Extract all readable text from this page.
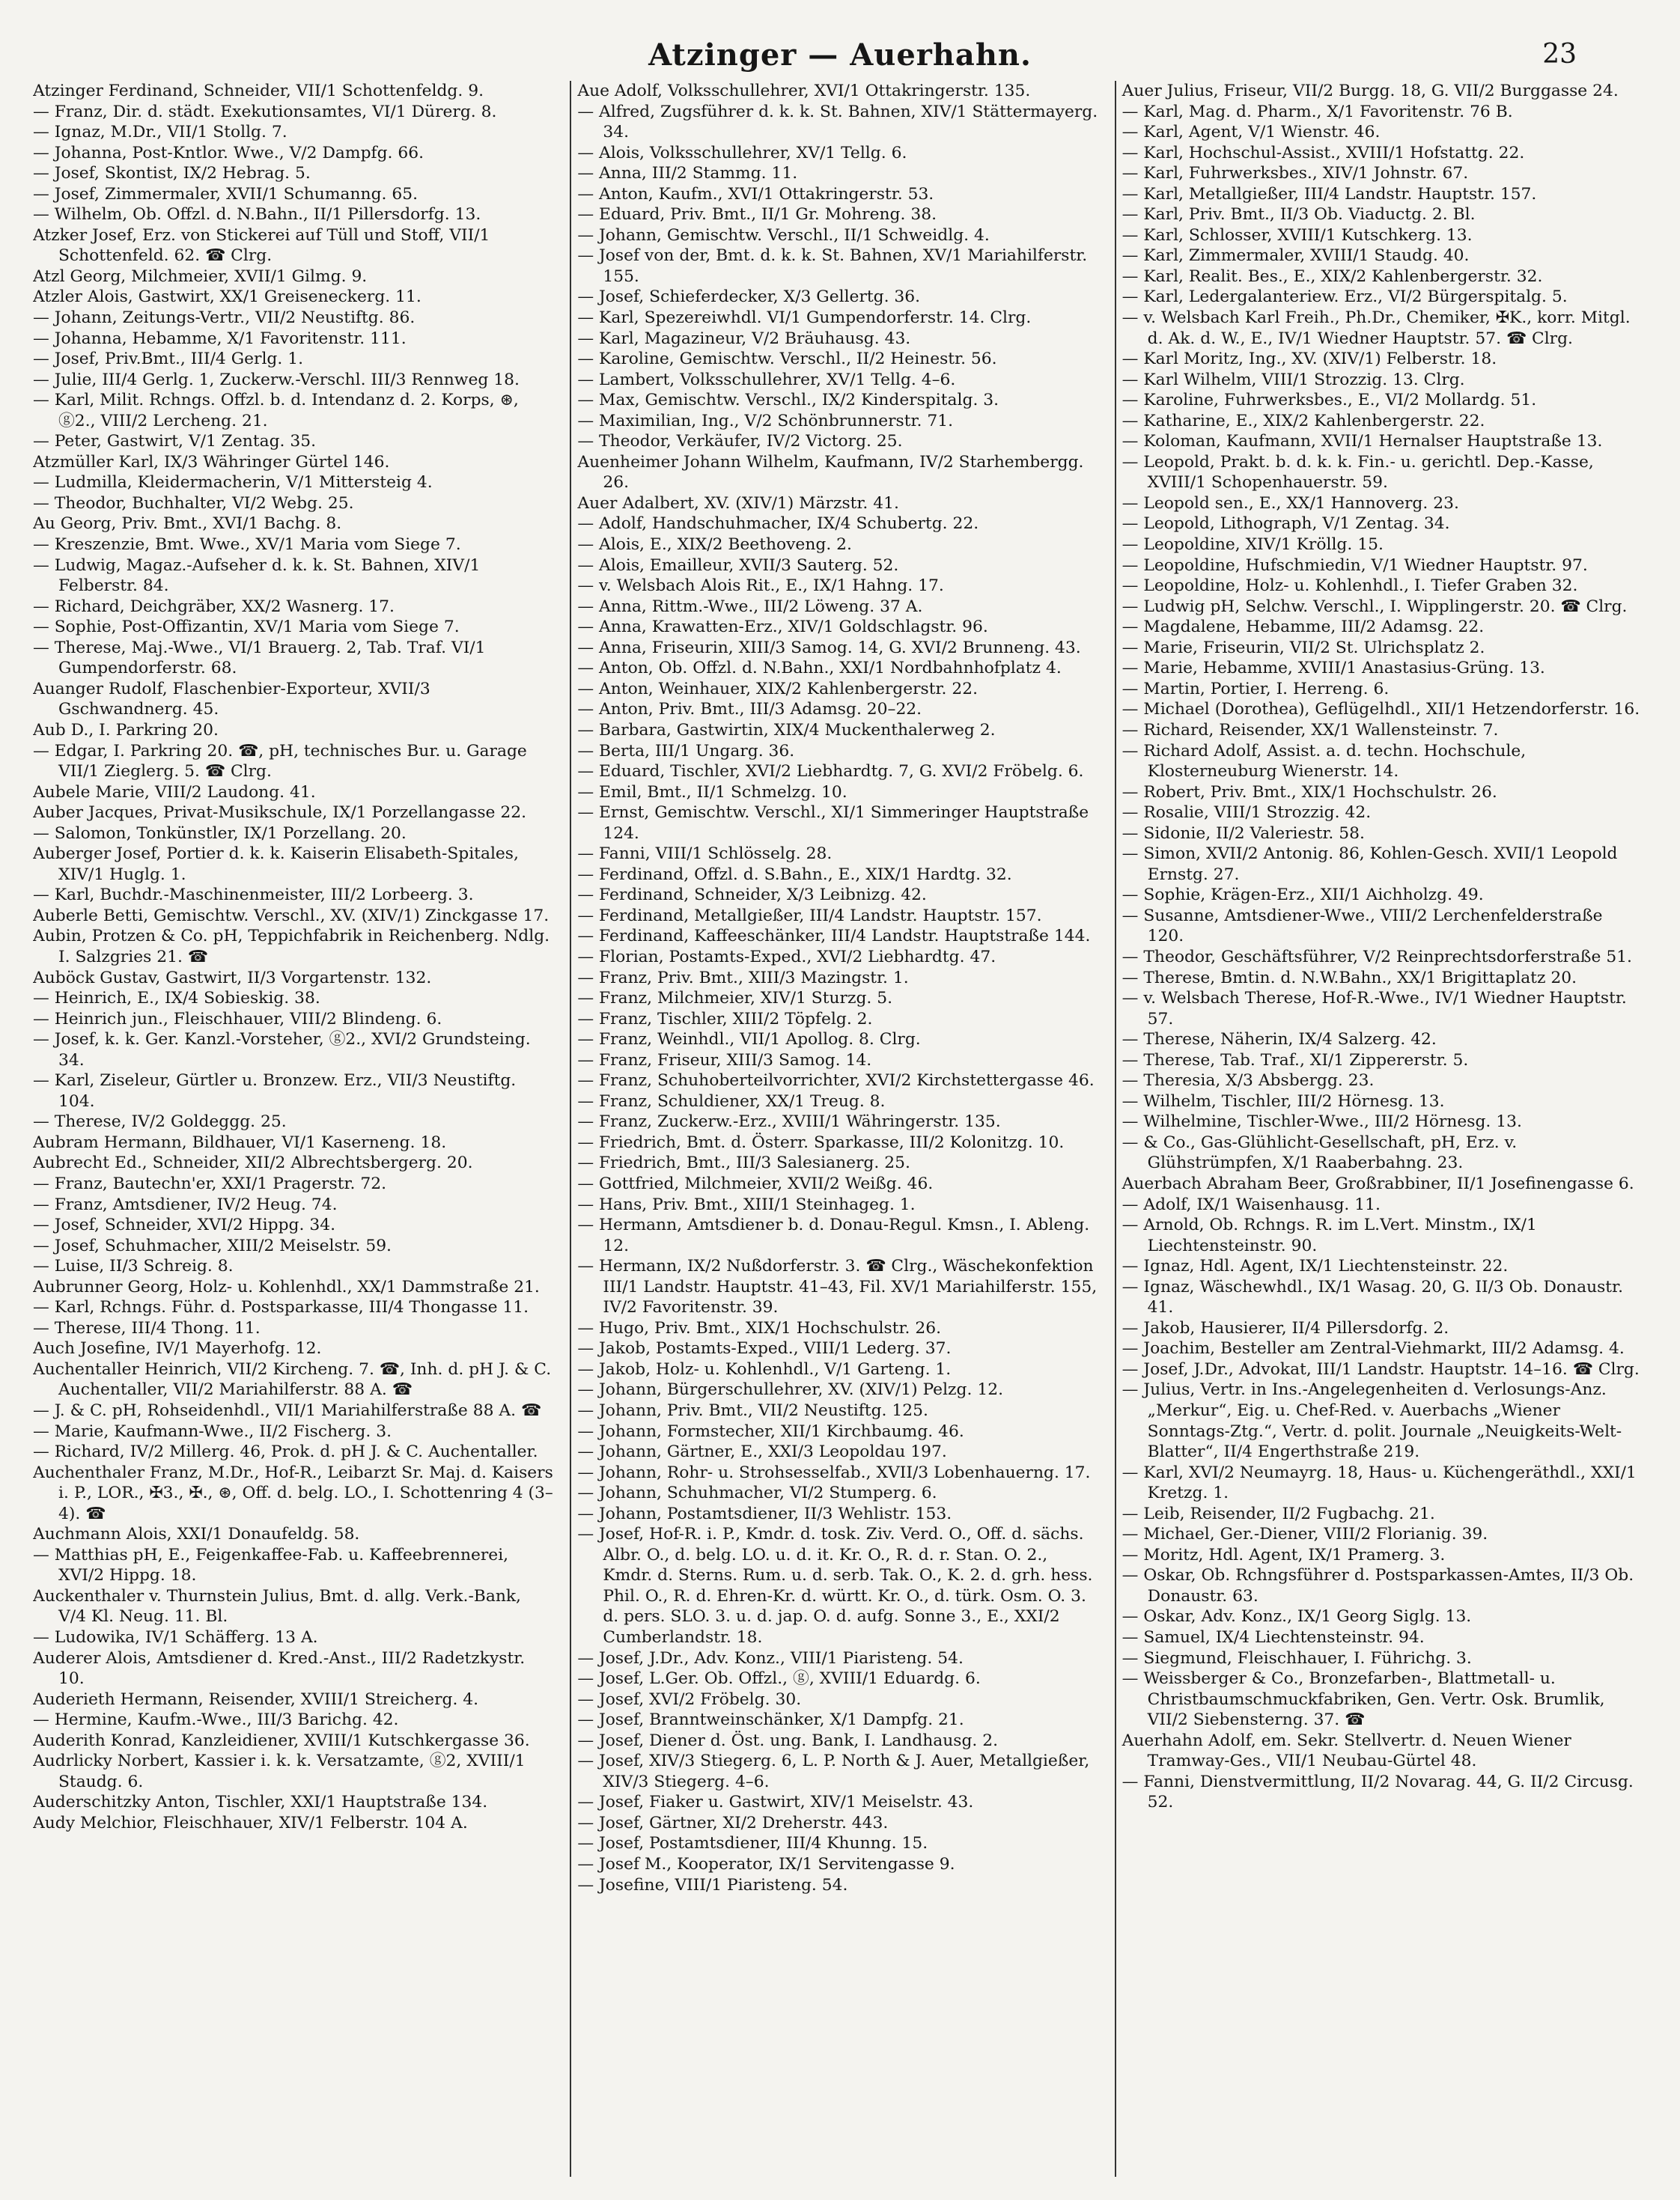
Atzinger — Auerhahn.	23

Atzinger Ferdinand, Schneider, VII/1 Schottenfeldg. 9.

— Franz, Dir. d. städt. Exekutionsamtes, VI/1 Dürerg. 8.

— Ignaz, M.Dr., VII/1 Stollg. 7.

— Johanna, Post-Kntlor. Wwe., V/2 Dampfg. 66.

— Josef, Skontist, IX/2 Hebrag. 5.

— Josef, Zimmermaler, XVII/1 Schumanng. 65.

— Wilhelm, Ob. Offzl. d. N.Bahn., II/1 Pillersdorfg. 13.

Atzker Josef, Erz. von Stickerei auf Tüll und Stoff, VII/1 Schottenfeld. 62. ☎ Clrg.

Atzl Georg, Milchmeier, XVII/1 Gilmg. 9.

Atzler Alois, Gastwirt, XX/1 Greiseneckerg. 11.

— Johann, Zeitungs-Vertr., VII/2 Neustiftg. 86.

— Johanna, Hebamme, X/1 Favoritenstr. 111.

— Josef, Priv.Bmt., III/4 Gerlg. 1.

— Julie, III/4 Gerlg. 1, Zuckerw.-Verschl. III/3 Rennweg 18.

— Karl, Milit. Rchngs. Offzl. b. d. Intendanz d. 2. Korps, ⊛, ⓖ2., VIII/2 Lercheng. 21.

— Peter, Gastwirt, V/1 Zentag. 35.

Atzmüller Karl, IX/3 Währinger Gürtel 146.

— Ludmilla, Kleidermacherin, V/1 Mittersteig 4.

— Theodor, Buchhalter, VI/2 Webg. 25.

Au Georg, Priv. Bmt., XVI/1 Bachg. 8.

— Kreszenzie, Bmt. Wwe., XV/1 Maria vom Siege 7.

— Ludwig, Magaz.-Aufseher d. k. k. St. Bahnen, XIV/1 Felberstr. 84.

— Richard, Deichgräber, XX/2 Wasnerg. 17.

— Sophie, Post-Offizantin, XV/1 Maria vom Siege 7.

— Therese, Maj.-Wwe., VI/1 Brauerg. 2, Tab. Traf. VI/1 Gumpendorferstr. 68.

Auanger Rudolf, Flaschenbier-Exporteur, XVII/3 Gschwandnerg. 45.

Aub D., I. Parkring 20.

— Edgar, I. Parkring 20. ☎, pH, technisches Bur. u. Garage VII/1 Zieglerg. 5. ☎ Clrg.

Aubele Marie, VIII/2 Laudong. 41.

Auber Jacques, Privat-Musikschule, IX/1 Porzellangasse 22.

— Salomon, Tonkünstler, IX/1 Porzellang. 20.

Auberger Josef, Portier d. k. k. Kaiserin Elisabeth-Spitales, XIV/1 Huglg. 1.

— Karl, Buchdr.-Maschinenmeister, III/2 Lorbeerg. 3.

Auberle Betti, Gemischtw. Verschl., XV. (XIV/1) Zinckgasse 17.

Aubin, Protzen & Co. pH, Teppichfabrik in Reichenberg. Ndlg. I. Salzgries 21. ☎

Auböck Gustav, Gastwirt, II/3 Vorgartenstr. 132.

— Heinrich, E., IX/4 Sobieskig. 38.

— Heinrich jun., Fleischhauer, VIII/2 Blindeng. 6.

— Josef, k. k. Ger. Kanzl.-Vorsteher, ⓖ2., XVI/2 Grundsteing. 34.

— Karl, Ziseleur, Gürtler u. Bronzew. Erz., VII/3 Neustiftg. 104.

— Therese, IV/2 Goldeggg. 25.

Aubram Hermann, Bildhauer, VI/1 Kaserneng. 18.

Aubrecht Ed., Schneider, XII/2 Albrechtsbergerg. 20.

— Franz, Bautechn'er, XXI/1 Pragerstr. 72.

— Franz, Amtsdiener, IV/2 Heug. 74.

— Josef, Schneider, XVI/2 Hippg. 34.

— Josef, Schuhmacher, XIII/2 Meiselstr. 59.

— Luise, II/3 Schreig. 8.

Aubrunner Georg, Holz- u. Kohlenhdl., XX/1 Dammstraße 21.

— Karl, Rchngs. Führ. d. Postsparkasse, III/4 Thongasse 11.

— Therese, III/4 Thong. 11.

Auch Josefine, IV/1 Mayerhofg. 12.

Auchentaller Heinrich, VII/2 Kircheng. 7. ☎, Inh. d. pH J. & C. Auchentaller, VII/2 Mariahilferstr. 88 A. ☎

— J. & C. pH, Rohseidenhdl., VII/1 Mariahilferstraße 88 A. ☎

— Marie, Kaufmann-Wwe., II/2 Fischerg. 3.

— Richard, IV/2 Millerg. 46, Prok. d. pH J. & C. Auchentaller.

Auchenthaler Franz, M.Dr., Hof-R., Leibarzt Sr. Maj. d. Kaisers i. P., LOR., ✠3., ✠., ⊛, Off. d. belg. LO., I. Schottenring 4 (3–4). ☎

Auchmann Alois, XXI/1 Donaufeldg. 58.

— Matthias pH, E., Feigenkaffee-Fab. u. Kaffeebrennerei, XVI/2 Hippg. 18.

Auckenthaler v. Thurnstein Julius, Bmt. d. allg. Verk.-Bank, V/4 Kl. Neug. 11. Bl.

— Ludowika, IV/1 Schäfferg. 13 A.

Auderer Alois, Amtsdiener d. Kred.-Anst., III/2 Radetzkystr. 10.

Auderieth Hermann, Reisender, XVIII/1 Streicherg. 4.

— Hermine, Kaufm.-Wwe., III/3 Barichg. 42.

Auderith Konrad, Kanzleidiener, XVIII/1 Kutschkergasse 36.

Audrlicky Norbert, Kassier i. k. k. Versatzamte, ⓖ2, XVIII/1 Staudg. 6.

Auderschitzky Anton, Tischler, XXI/1 Hauptstraße 134.

Audy Melchior, Fleischhauer, XIV/1 Felberstr. 104 A.

Aue Adolf, Volksschullehrer, XVI/1 Ottakringerstr. 135.

— Alfred, Zugsführer d. k. k. St. Bahnen, XIV/1 Stättermayerg. 34.

— Alois, Volksschullehrer, XV/1 Tellg. 6.

— Anna, III/2 Stammg. 11.

— Anton, Kaufm., XVI/1 Ottakringerstr. 53.

— Eduard, Priv. Bmt., II/1 Gr. Mohreng. 38.

— Johann, Gemischtw. Verschl., II/1 Schweidlg. 4.

— Josef von der, Bmt. d. k. k. St. Bahnen, XV/1 Mariahilferstr. 155.

— Josef, Schieferdecker, X/3 Gellertg. 36.

— Karl, Spezereiwhdl. VI/1 Gumpendorferstr. 14. Clrg.

— Karl, Magazineur, V/2 Bräuhausg. 43.

— Karoline, Gemischtw. Verschl., II/2 Heinestr. 56.

— Lambert, Volksschullehrer, XV/1 Tellg. 4–6.

— Max, Gemischtw. Verschl., IX/2 Kinderspitalg. 3.

— Maximilian, Ing., V/2 Schönbrunnerstr. 71.

— Theodor, Verkäufer, IV/2 Victorg. 25.

Auenheimer Johann Wilhelm, Kaufmann, IV/2 Starhembergg. 26.

Auer Adalbert, XV. (XIV/1) Märzstr. 41.

— Adolf, Handschuhmacher, IX/4 Schubertg. 22.

— Alois, E., XIX/2 Beethoveng. 2.

— Alois, Emailleur, XVII/3 Sauterg. 52.

— v. Welsbach Alois Rit., E., IX/1 Hahng. 17.

— Anna, Rittm.-Wwe., III/2 Löweng. 37 A.

— Anna, Krawatten-Erz., XIV/1 Goldschlagstr. 96.

— Anna, Friseurin, XIII/3 Samog. 14, G. XVI/2 Brunneng. 43.

— Anton, Ob. Offzl. d. N.Bahn., XXI/1 Nordbahnhofplatz 4.

— Anton, Weinhauer, XIX/2 Kahlenbergerstr. 22.

— Anton, Priv. Bmt., III/3 Adamsg. 20–22.

— Barbara, Gastwirtin, XIX/4 Muckenthalerweg 2.

— Berta, III/1 Ungarg. 36.

— Eduard, Tischler, XVI/2 Liebhardtg. 7, G. XVI/2 Fröbelg. 6.

— Emil, Bmt., II/1 Schmelzg. 10.

— Ernst, Gemischtw. Verschl., XI/1 Simmeringer Hauptstraße 124.

— Fanni, VIII/1 Schlösselg. 28.

— Ferdinand, Offzl. d. S.Bahn., E., XIX/1 Hardtg. 32.

— Ferdinand, Schneider, X/3 Leibnizg. 42.

— Ferdinand, Metallgießer, III/4 Landstr. Hauptstr. 157.

— Ferdinand, Kaffeeschänker, III/4 Landstr. Hauptstraße 144.

— Florian, Postamts-Exped., XVI/2 Liebhardtg. 47.

— Franz, Priv. Bmt., XIII/3 Mazingstr. 1.

— Franz, Milchmeier, XIV/1 Sturzg. 5.

— Franz, Tischler, XIII/2 Töpfelg. 2.

— Franz, Weinhdl., VII/1 Apollog. 8. Clrg.

— Franz, Friseur, XIII/3 Samog. 14.

— Franz, Schuhoberteilvorrichter, XVI/2 Kirchstettergasse 46.

— Franz, Schuldiener, XX/1 Treug. 8.

— Franz, Zuckerw.-Erz., XVIII/1 Währingerstr. 135.

— Friedrich, Bmt. d. Österr. Sparkasse, III/2 Kolonitzg. 10.

— Friedrich, Bmt., III/3 Salesianerg. 25.

— Gottfried, Milchmeier, XVII/2 Weißg. 46.

— Hans, Priv. Bmt., XIII/1 Steinhageg. 1.

— Hermann, Amtsdiener b. d. Donau-Regul. Kmsn., I. Ableng. 12.

— Hermann, IX/2 Nußdorferstr. 3. ☎ Clrg., Wäschekonfektion III/1 Landstr. Hauptstr. 41–43, Fil. XV/1 Mariahilferstr. 155, IV/2 Favoritenstr. 39.

— Hugo, Priv. Bmt., XIX/1 Hochschulstr. 26.

— Jakob, Postamts-Exped., VIII/1 Lederg. 37.

— Jakob, Holz- u. Kohlenhdl., V/1 Garteng. 1.

— Johann, Bürgerschullehrer, XV. (XIV/1) Pelzg. 12.

— Johann, Priv. Bmt., VII/2 Neustiftg. 125.

— Johann, Formstecher, XII/1 Kirchbaumg. 46.

— Johann, Gärtner, E., XXI/3 Leopoldau 197.

— Johann, Rohr- u. Strohsesselfab., XVII/3 Lobenhauerng. 17.

— Johann, Schuhmacher, VI/2 Stumperg. 6.

— Johann, Postamtsdiener, II/3 Wehlistr. 153.

— Josef, Hof-R. i. P., Kmdr. d. tosk. Ziv. Verd. O., Off. d. sächs. Albr. O., d. belg. LO. u. d. it. Kr. O., R. d. r. Stan. O. 2., Kmdr. d. Sterns. Rum. u. d. serb. Tak. O., K. 2. d. grh. hess. Phil. O., R. d. Ehren-Kr. d. württ. Kr. O., d. türk. Osm. O. 3. d. pers. SLO. 3. u. d. jap. O. d. aufg. Sonne 3., E., XXI/2 Cumberlandstr. 18.

— Josef, J.Dr., Adv. Konz., VIII/1 Piaristeng. 54.

— Josef, L.Ger. Ob. Offzl., ⓖ, XVIII/1 Eduardg. 6.

— Josef, XVI/2 Fröbelg. 30.

— Josef, Branntweinschänker, X/1 Dampfg. 21.

— Josef, Diener d. Öst. ung. Bank, I. Landhausg. 2.

— Josef, XIV/3 Stiegerg. 6, L. P. North & J. Auer, Metallgießer, XIV/3 Stiegerg. 4–6.

— Josef, Fiaker u. Gastwirt, XIV/1 Meiselstr. 43.

— Josef, Gärtner, XI/2 Dreherstr. 443.

— Josef, Postamtsdiener, III/4 Khunng. 15.

— Josef M., Kooperator, IX/1 Servitengasse 9.

— Josefine, VIII/1 Piaristeng. 54.

Auer Julius, Friseur, VII/2 Burgg. 18, G. VII/2 Burggasse 24.

— Karl, Mag. d. Pharm., X/1 Favoritenstr. 76 B.

— Karl, Agent, V/1 Wienstr. 46.

— Karl, Hochschul-Assist., XVIII/1 Hofstattg. 22.

— Karl, Fuhrwerksbes., XIV/1 Johnstr. 67.

— Karl, Metallgießer, III/4 Landstr. Hauptstr. 157.

— Karl, Priv. Bmt., II/3 Ob. Viaductg. 2. Bl.

— Karl, Schlosser, XVIII/1 Kutschkerg. 13.

— Karl, Zimmermaler, XVIII/1 Staudg. 40.

— Karl, Realit. Bes., E., XIX/2 Kahlenbergerstr. 32.

— Karl, Ledergalanteriew. Erz., VI/2 Bürgerspitalg. 5.

— v. Welsbach Karl Freih., Ph.Dr., Chemiker, ✠K., korr. Mitgl. d. Ak. d. W., E., IV/1 Wiedner Hauptstr. 57. ☎ Clrg.

— Karl Moritz, Ing., XV. (XIV/1) Felberstr. 18.

— Karl Wilhelm, VIII/1 Strozzig. 13. Clrg.

— Karoline, Fuhrwerksbes., E., VI/2 Mollardg. 51.

— Katharine, E., XIX/2 Kahlenbergerstr. 22.

— Koloman, Kaufmann, XVII/1 Hernalser Hauptstraße 13.

— Leopold, Prakt. b. d. k. k. Fin.- u. gerichtl. Dep.-Kasse, XVIII/1 Schopenhauerstr. 59.

— Leopold sen., E., XX/1 Hannoverg. 23.

— Leopold, Lithograph, V/1 Zentag. 34.

— Leopoldine, XIV/1 Kröllg. 15.

— Leopoldine, Hufschmiedin, V/1 Wiedner Hauptstr. 97.

— Leopoldine, Holz- u. Kohlenhdl., I. Tiefer Graben 32.

— Ludwig pH, Selchw. Verschl., I. Wipplingerstr. 20. ☎ Clrg.

— Magdalene, Hebamme, III/2 Adamsg. 22.

— Marie, Friseurin, VII/2 St. Ulrichsplatz 2.

— Marie, Hebamme, XVIII/1 Anastasius-Grüng. 13.

— Martin, Portier, I. Herreng. 6.

— Michael (Dorothea), Geflügelhdl., XII/1 Hetzendorferstr. 16.

— Richard, Reisender, XX/1 Wallensteinstr. 7.

— Richard Adolf, Assist. a. d. techn. Hochschule, Klosterneuburg Wienerstr. 14.

— Robert, Priv. Bmt., XIX/1 Hochschulstr. 26.

— Rosalie, VIII/1 Strozzig. 42.

— Sidonie, II/2 Valeriestr. 58.

— Simon, XVII/2 Antonig. 86, Kohlen-Gesch. XVII/1 Leopold Ernstg. 27.

— Sophie, Krägen-Erz., XII/1 Aichholzg. 49.

— Susanne, Amtsdiener-Wwe., VIII/2 Lerchenfelderstraße 120.

— Theodor, Geschäftsführer, V/2 Reinprechtsdorferstraße 51.

— Therese, Bmtin. d. N.W.Bahn., XX/1 Brigittaplatz 20.

— v. Welsbach Therese, Hof-R.-Wwe., IV/1 Wiedner Hauptstr. 57.

— Therese, Näherin, IX/4 Salzerg. 42.

— Therese, Tab. Traf., XI/1 Zippererstr. 5.

— Theresia, X/3 Absbergg. 23.

— Wilhelm, Tischler, III/2 Hörnesg. 13.

— Wilhelmine, Tischler-Wwe., III/2 Hörnesg. 13.

— & Co., Gas-Glühlicht-Gesellschaft, pH, Erz. v. Glühstrümpfen, X/1 Raaberbahng. 23.

Auerbach Abraham Beer, Großrabbiner, II/1 Josefinengasse 6.

— Adolf, IX/1 Waisenhausg. 11.

— Arnold, Ob. Rchngs. R. im L.Vert. Minstm., IX/1 Liechtensteinstr. 90.

— Ignaz, Hdl. Agent, IX/1 Liechtensteinstr. 22.

— Ignaz, Wäschewhdl., IX/1 Wasag. 20, G. II/3 Ob. Donaustr. 41.

— Jakob, Hausierer, II/4 Pillersdorfg. 2.

— Joachim, Besteller am Zentral-Viehmarkt, III/2 Adamsg. 4.

— Josef, J.Dr., Advokat, III/1 Landstr. Hauptstr. 14–16. ☎ Clrg.

— Julius, Vertr. in Ins.-Angelegenheiten d. Verlosungs-Anz. „Merkur“, Eig. u. Chef-Red. v. Auerbachs „Wiener Sonntags-Ztg.“, Vertr. d. polit. Journale „Neuigkeits-Welt-Blatter“, II/4 Engerthstraße 219.

— Karl, XVI/2 Neumayrg. 18, Haus- u. Küchengeräthdl., XXI/1 Kretzg. 1.

— Leib, Reisender, II/2 Fugbachg. 21.

— Michael, Ger.-Diener, VIII/2 Florianig. 39.

— Moritz, Hdl. Agent, IX/1 Pramerg. 3.

— Oskar, Ob. Rchngsführer d. Postsparkassen-Amtes, II/3 Ob. Donaustr. 63.

— Oskar, Adv. Konz., IX/1 Georg Siglg. 13.

— Samuel, IX/4 Liechtensteinstr. 94.

— Siegmund, Fleischhauer, I. Führichg. 3.

— Weissberger & Co., Bronzefarben-, Blattmetall- u. Christbaumschmuckfabriken, Gen. Vertr. Osk. Brumlik, VII/2 Siebensterng. 37. ☎

Auerhahn Adolf, em. Sekr. Stellvertr. d. Neuen Wiener Tramway-Ges., VII/1 Neubau-Gürtel 48.

— Fanni, Dienstvermittlung, II/2 Novarag. 44, G. II/2 Circusg. 52.
